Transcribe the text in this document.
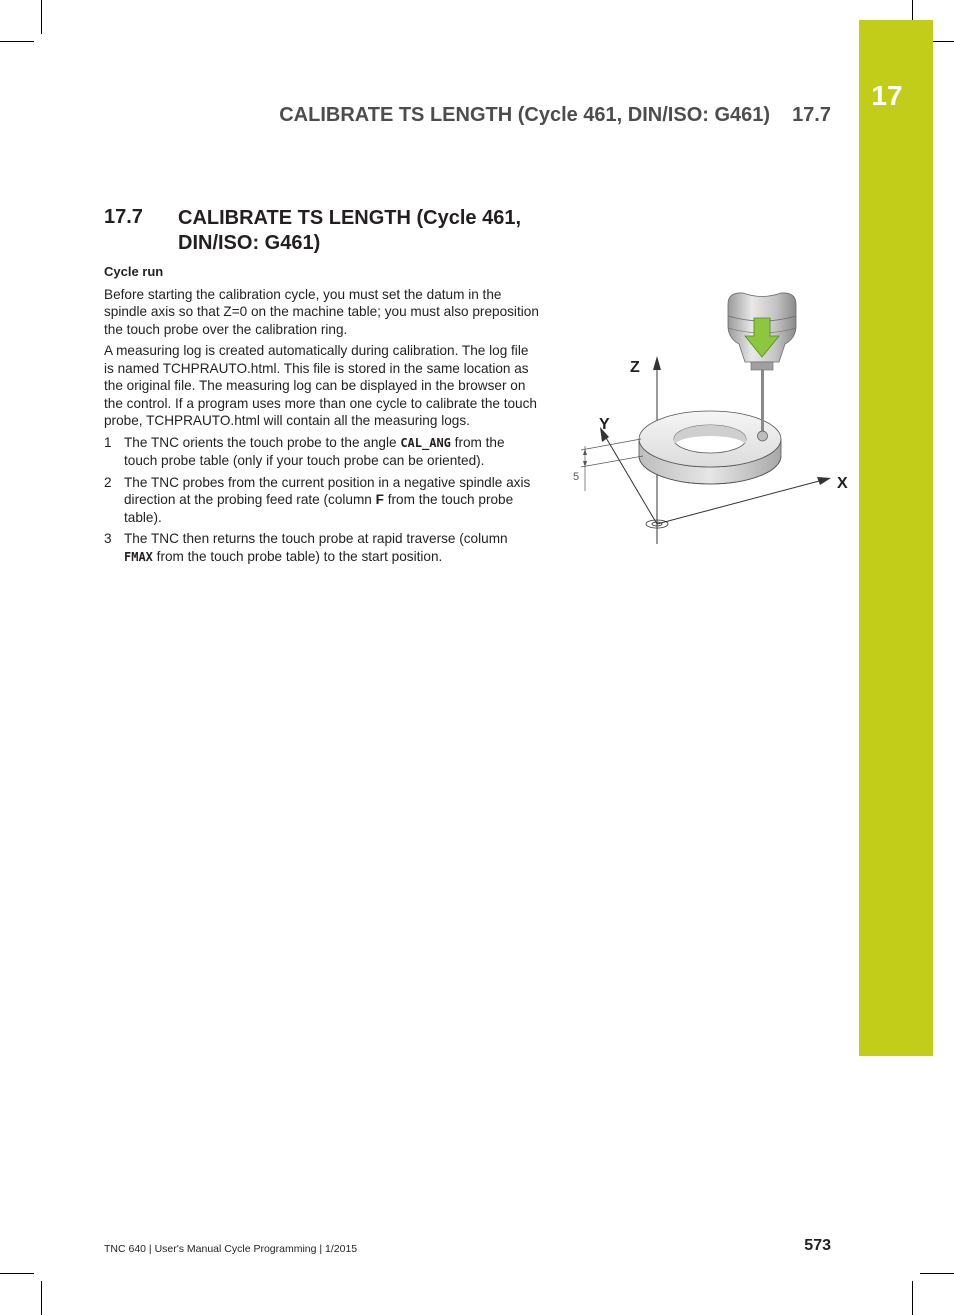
17
CALIBRATE TS LENGTH (Cycle 461, DIN/ISO: G461) 17.7
17.7 CALIBRATE TS LENGTH (Cycle 461, DIN/ISO: G461)
Cycle run

Before starting the calibration cycle, you must set the datum in the spindle axis so that Z=0 on the machine table; you must also preposition the touch probe over the calibration ring.

A measuring log is created automatically during calibration. The log file is named TCHPRAUTO.html. This file is stored in the same location as the original file. The measuring log can be displayed in the browser on the control. If a program uses more than one cycle to calibrate the touch probe, TCHPRAUTO.html will contain all the measuring logs.

1 The TNC orients the touch probe to the angle CAL_ANG from the touch probe table (only if your touch probe can be oriented).
2 The TNC probes from the current position in a negative spindle axis direction at the probing feed rate (column F from the touch probe table).
3 The TNC then returns the touch probe at rapid traverse (column FMAX from the touch probe table) to the start position.
5
Z
Y
X
TNC 640 | User's Manual Cycle Programming | 1/2015	573
